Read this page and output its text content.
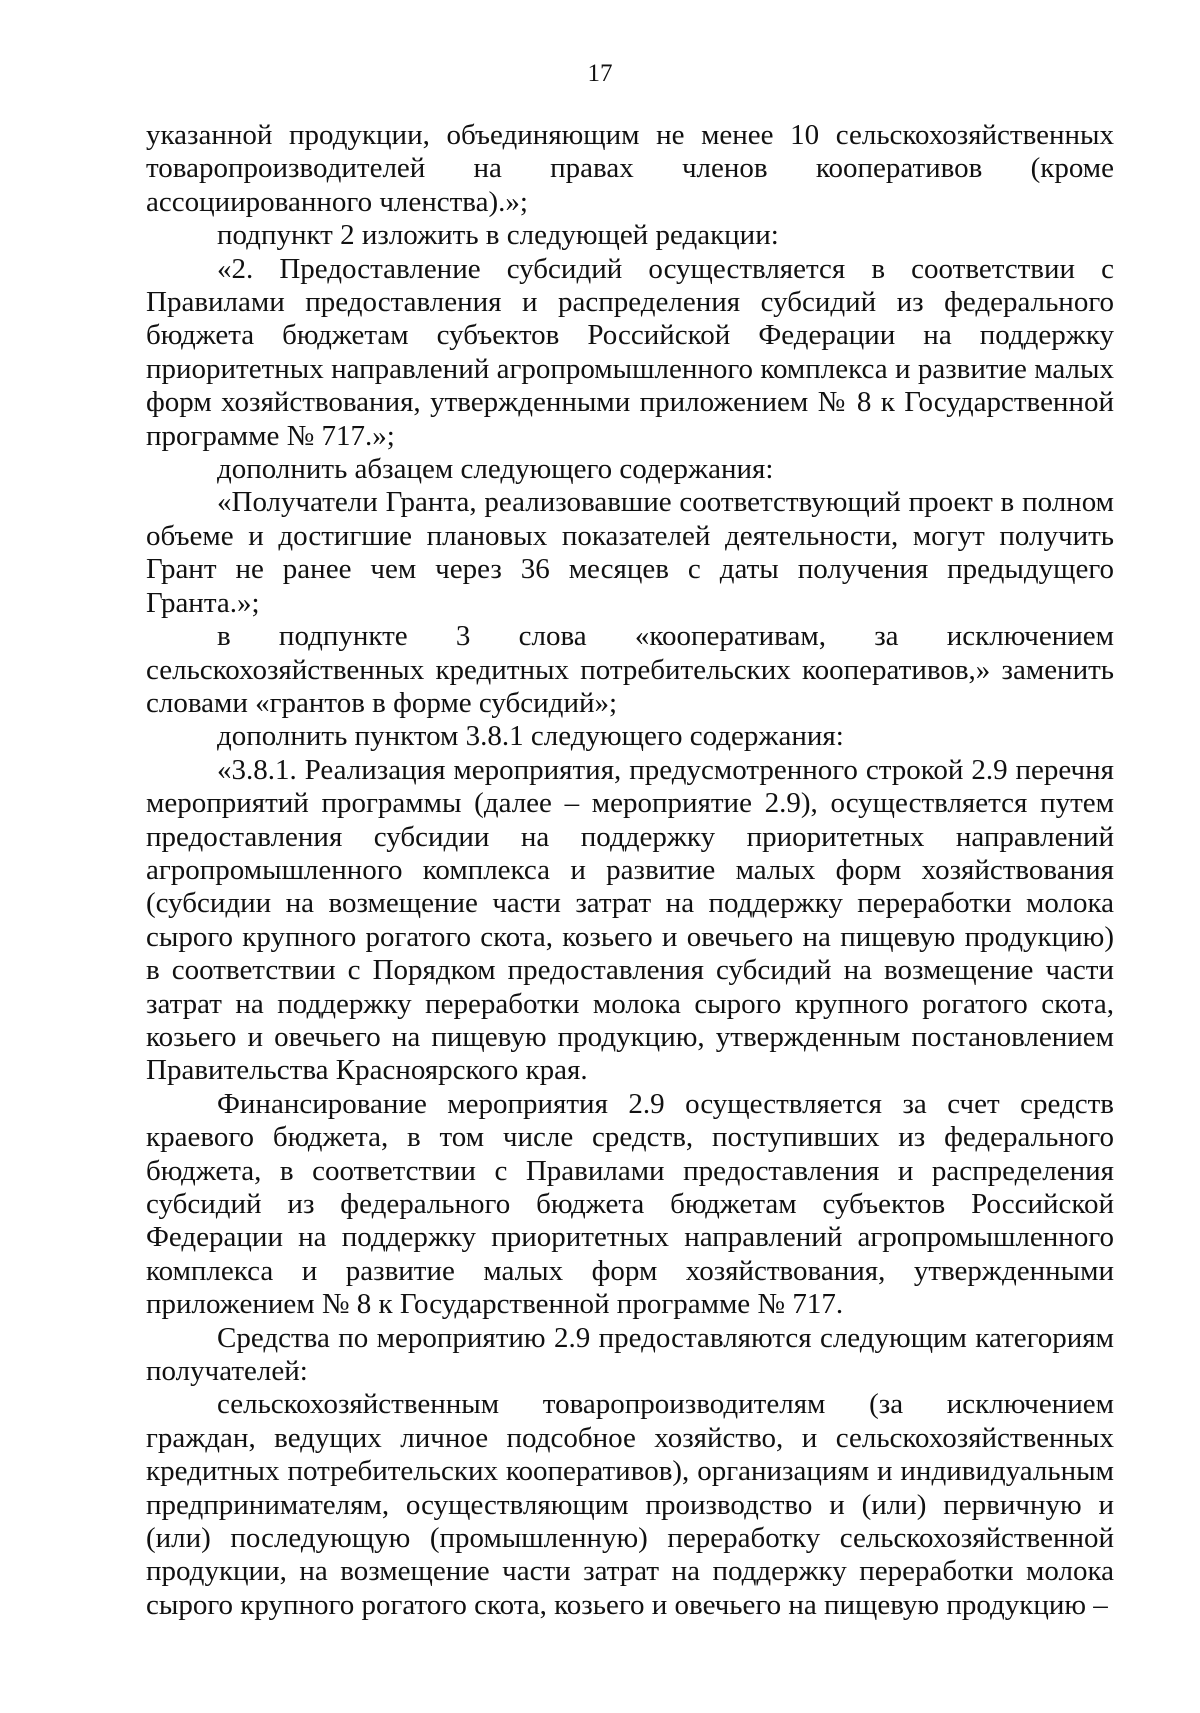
17

указанной продукции, объединяющим не менее 10 сельскохозяйственных товаропроизводителей на правах членов кооперативов (кроме ассоциированного членства).»;

подпункт 2 изложить в следующей редакции:

«2. Предоставление субсидий осуществляется в соответствии с Правилами предоставления и распределения субсидий из федерального бюджета бюджетам субъектов Российской Федерации на поддержку приоритетных направлений агропромышленного комплекса и развитие малых форм хозяйствования, утвержденными приложением № 8 к Государственной программе № 717.»;

дополнить абзацем следующего содержания:

«Получатели Гранта, реализовавшие соответствующий проект в полном объеме и достигшие плановых показателей деятельности, могут получить Грант не ранее чем через 36 месяцев с даты получения предыдущего Гранта.»;

в подпункте 3 слова «кооперативам, за исключением сельскохозяйственных кредитных потребительских кооперативов,» заменить словами «грантов в форме субсидий»;

дополнить пунктом 3.8.1 следующего содержания:

«3.8.1. Реализация мероприятия, предусмотренного строкой 2.9 перечня мероприятий программы (далее – мероприятие 2.9), осуществляется путем предоставления субсидии на поддержку приоритетных направлений агропромышленного комплекса и развитие малых форм хозяйствования (субсидии на возмещение части затрат на поддержку переработки молока сырого крупного рогатого скота, козьего и овечьего на пищевую продукцию) в соответствии с Порядком предоставления субсидий на возмещение части затрат на поддержку переработки молока сырого крупного рогатого скота, козьего и овечьего на пищевую продукцию, утвержденным постановлением Правительства Красноярского края.

Финансирование мероприятия 2.9 осуществляется за счет средств краевого бюджета, в том числе средств, поступивших из федерального бюджета, в соответствии с Правилами предоставления и распределения субсидий из федерального бюджета бюджетам субъектов Российской Федерации на поддержку приоритетных направлений агропромышленного комплекса и развитие малых форм хозяйствования, утвержденными приложением № 8 к Государственной программе № 717.

Средства по мероприятию 2.9 предоставляются следующим категориям получателей:

сельскохозяйственным товаропроизводителям (за исключением граждан, ведущих личное подсобное хозяйство, и сельскохозяйственных кредитных потребительских кооперативов), организациям и индивидуальным предпринимателям, осуществляющим производство и (или) первичную и (или) последующую (промышленную) переработку сельскохозяйственной продукции, на возмещение части затрат на поддержку переработки молока сырого крупного рогатого скота, козьего и овечьего на пищевую продукцию –
